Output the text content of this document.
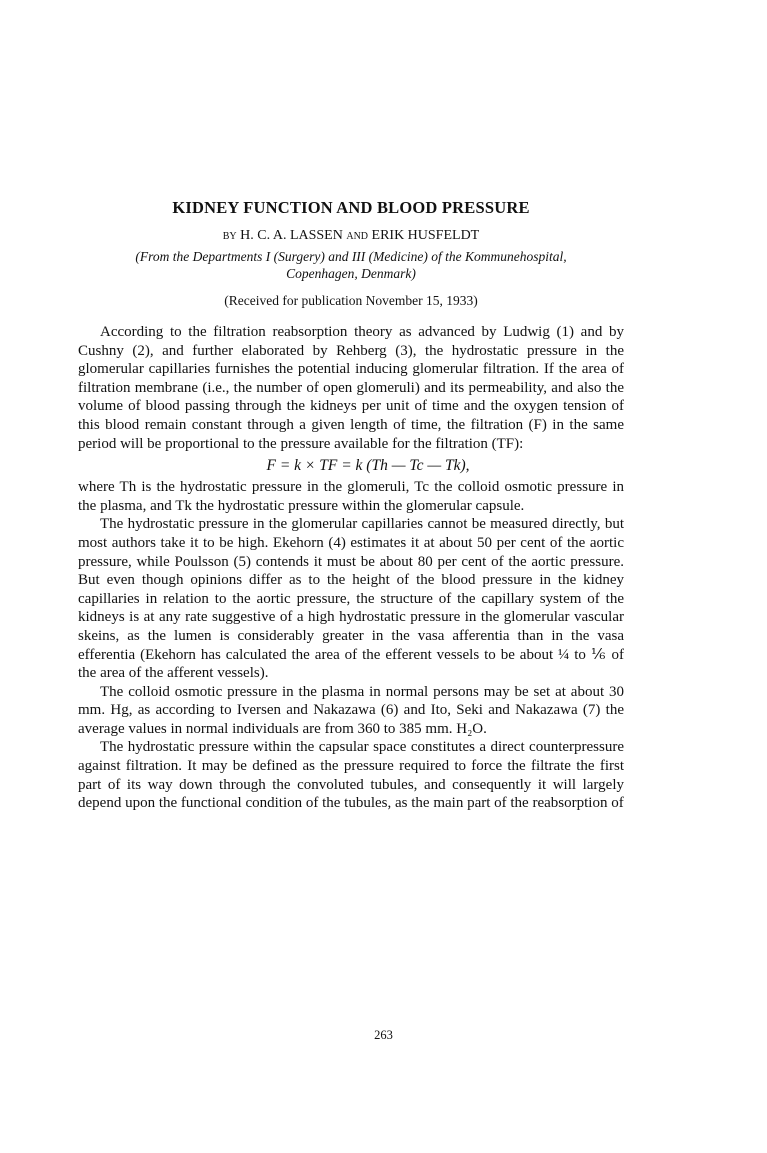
KIDNEY FUNCTION AND BLOOD PRESSURE

BY H. C. A. LASSEN AND ERIK HUSFELDT

(From the Departments I (Surgery) and III (Medicine) of the Kommunehospital,
Copenhagen, Denmark)

(Received for publication November 15, 1933)

According to the filtration reabsorption theory as advanced by Ludwig (1) and by Cushny (2), and further elaborated by Rehberg (3), the hydrostatic pressure in the glomerular capillaries furnishes the potential inducing glomerular filtration. If the area of filtration membrane (i.e., the number of open glomeruli) and its permeability, and also the volume of blood passing through the kidneys per unit of time and the oxygen tension of this blood remain constant through a given length of time, the filtration (F) in the same period will be proportional to the pressure available for the filtration (TF):

F = k × TF = k (Th — Tc — Tk),

where Th is the hydrostatic pressure in the glomeruli, Tc the colloid osmotic pressure in the plasma, and Tk the hydrostatic pressure within the glomerular capsule.

The hydrostatic pressure in the glomerular capillaries cannot be measured directly, but most authors take it to be high. Ekehorn (4) estimates it at about 50 per cent of the aortic pressure, while Poulsson (5) contends it must be about 80 per cent of the aortic pressure. But even though opinions differ as to the height of the blood pressure in the kidney capillaries in relation to the aortic pressure, the structure of the capillary system of the kidneys is at any rate suggestive of a high hydrostatic pressure in the glomerular vascular skeins, as the lumen is considerably greater in the vasa afferentia than in the vasa efferentia (Ekehorn has calculated the area of the efferent vessels to be about ¼ to ⅙ of the area of the afferent vessels).

The colloid osmotic pressure in the plasma in normal persons may be set at about 30 mm. Hg, as according to Iversen and Nakazawa (6) and Ito, Seki and Nakazawa (7) the average values in normal individuals are from 360 to 385 mm. H₂O.

The hydrostatic pressure within the capsular space constitutes a direct counterpressure against filtration. It may be defined as the pressure required to force the filtrate the first part of its way down through the convoluted tubules, and consequently it will largely depend upon the functional condition of the tubules, as the main part of the reabsorption of

263
